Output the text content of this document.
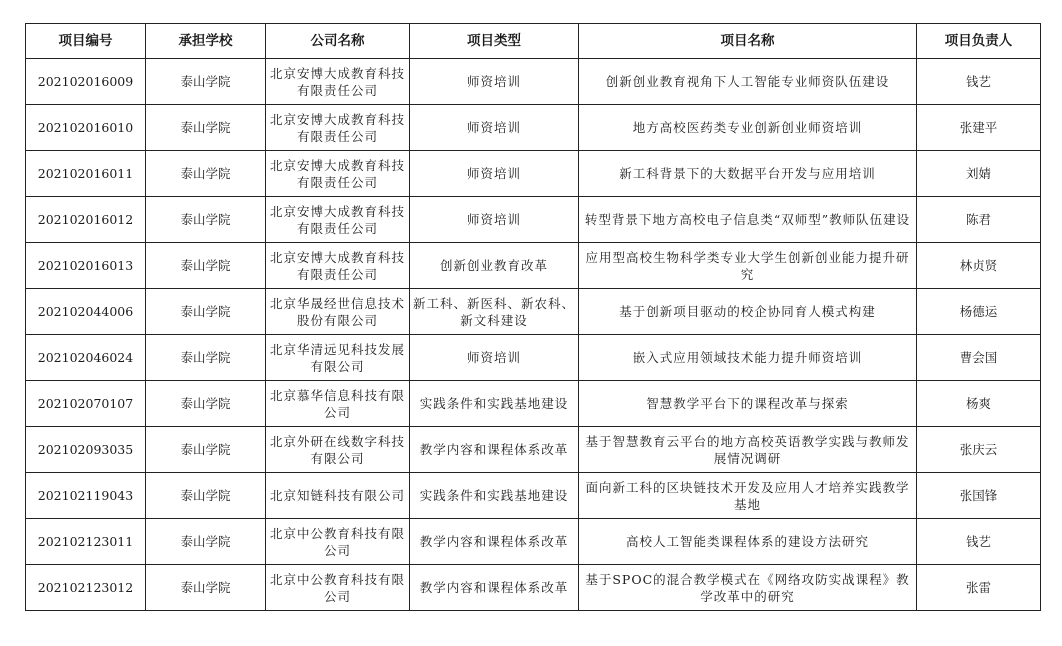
项目编号	承担学校	公司名称	项目类型	项目名称	项目负责人
202102016009	泰山学院	北京安博大成教育科技有限责任公司	师资培训	创新创业教育视角下人工智能专业师资队伍建设	钱艺
202102016010	泰山学院	北京安博大成教育科技有限责任公司	师资培训	地方高校医药类专业创新创业师资培训	张建平
202102016011	泰山学院	北京安博大成教育科技有限责任公司	师资培训	新工科背景下的大数据平台开发与应用培训	刘婧
202102016012	泰山学院	北京安博大成教育科技有限责任公司	师资培训	转型背景下地方高校电子信息类“双师型”教师队伍建设	陈君
202102016013	泰山学院	北京安博大成教育科技有限责任公司	创新创业教育改革	应用型高校生物科学类专业大学生创新创业能力提升研究	林贞贤
202102044006	泰山学院	北京华晟经世信息技术股份有限公司	新工科、新医科、新农科、新文科建设	基于创新项目驱动的校企协同育人模式构建	杨德运
202102046024	泰山学院	北京华清远见科技发展有限公司	师资培训	嵌入式应用领域技术能力提升师资培训	曹会国
202102070107	泰山学院	北京慕华信息科技有限公司	实践条件和实践基地建设	智慧教学平台下的课程改革与探索	杨爽
202102093035	泰山学院	北京外研在线数字科技有限公司	教学内容和课程体系改革	基于智慧教育云平台的地方高校英语教学实践与教师发展情况调研	张庆云
202102119043	泰山学院	北京知链科技有限公司	实践条件和实践基地建设	面向新工科的区块链技术开发及应用人才培养实践教学基地	张国锋
202102123011	泰山学院	北京中公教育科技有限公司	教学内容和课程体系改革	高校人工智能类课程体系的建设方法研究	钱艺
202102123012	泰山学院	北京中公教育科技有限公司	教学内容和课程体系改革	基于SPOC的混合教学模式在《网络攻防实战课程》教学改革中的研究	张雷
